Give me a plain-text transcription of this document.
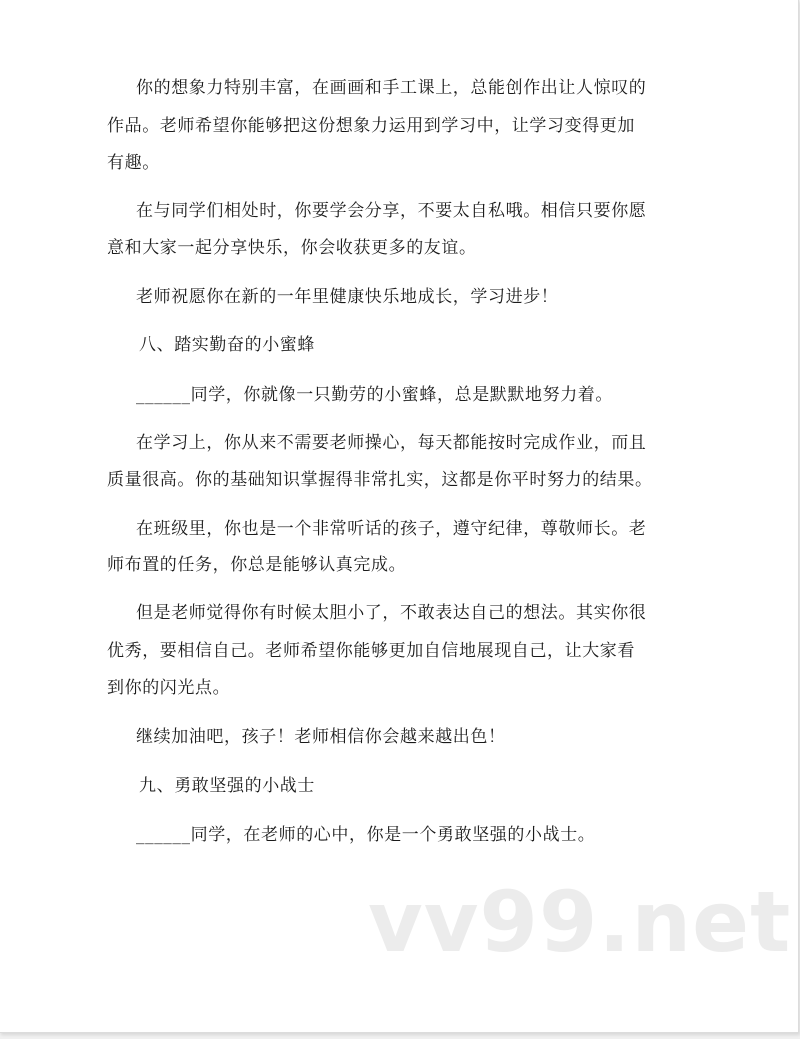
你的想象力特别丰富，在画画和手工课上，总能创作出让人惊叹的
作品。老师希望你能够把这份想象力运用到学习中，让学习变得更加
有趣。
在与同学们相处时，你要学会分享，不要太自私哦。相信只要你愿
意和大家一起分享快乐，你会收获更多的友谊。
老师祝愿你在新的一年里健康快乐地成长，学习进步！
八、踏实勤奋的小蜜蜂
______同学，你就像一只勤劳的小蜜蜂，总是默默地努力着。
在学习上，你从来不需要老师操心，每天都能按时完成作业，而且
质量很高。你的基础知识掌握得非常扎实，这都是你平时努力的结果。
在班级里，你也是一个非常听话的孩子，遵守纪律，尊敬师长。老
师布置的任务，你总是能够认真完成。
但是老师觉得你有时候太胆小了，不敢表达自己的想法。其实你很
优秀，要相信自己。老师希望你能够更加自信地展现自己，让大家看
到你的闪光点。
继续加油吧，孩子！老师相信你会越来越出色！
九、勇敢坚强的小战士
______同学，在老师的心中，你是一个勇敢坚强的小战士。
vv99.net
